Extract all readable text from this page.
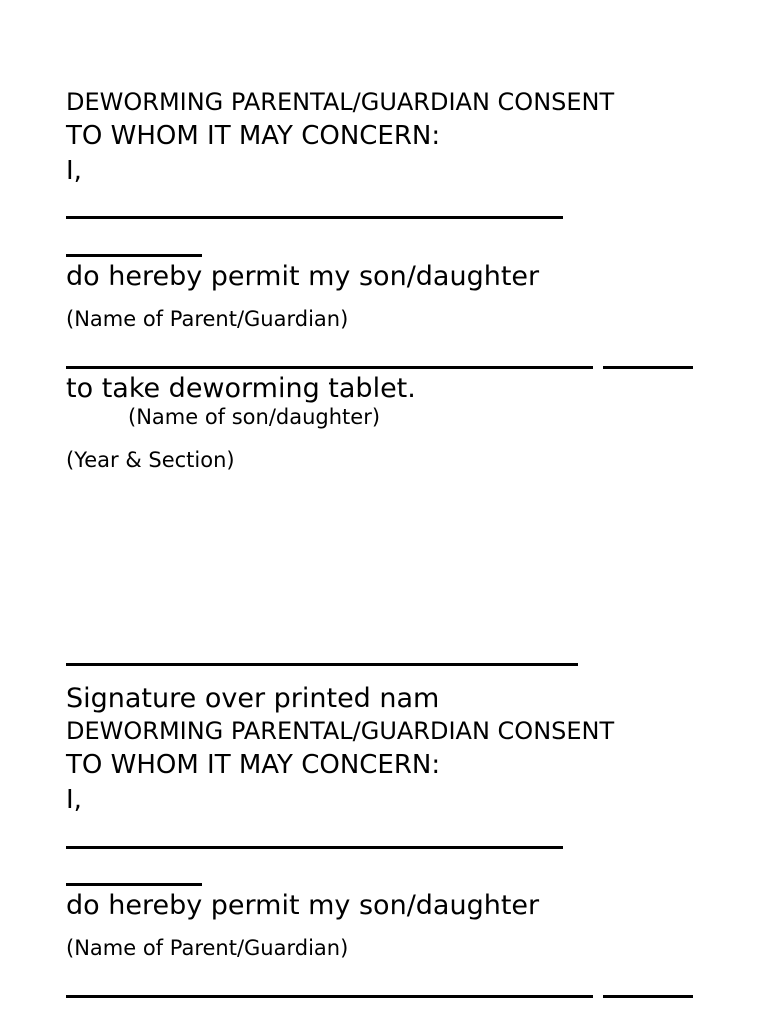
DEWORMING PARENTAL/GUARDIAN CONSENT
TO WHOM IT MAY CONCERN:
I,
do hereby permit my son/daughter
(Name of Parent/Guardian)
to take deworming tablet.
(Name of son/daughter)
(Year & Section)
Signature over printed nam
DEWORMING PARENTAL/GUARDIAN CONSENT
TO WHOM IT MAY CONCERN:
I,
do hereby permit my son/daughter
(Name of Parent/Guardian)
